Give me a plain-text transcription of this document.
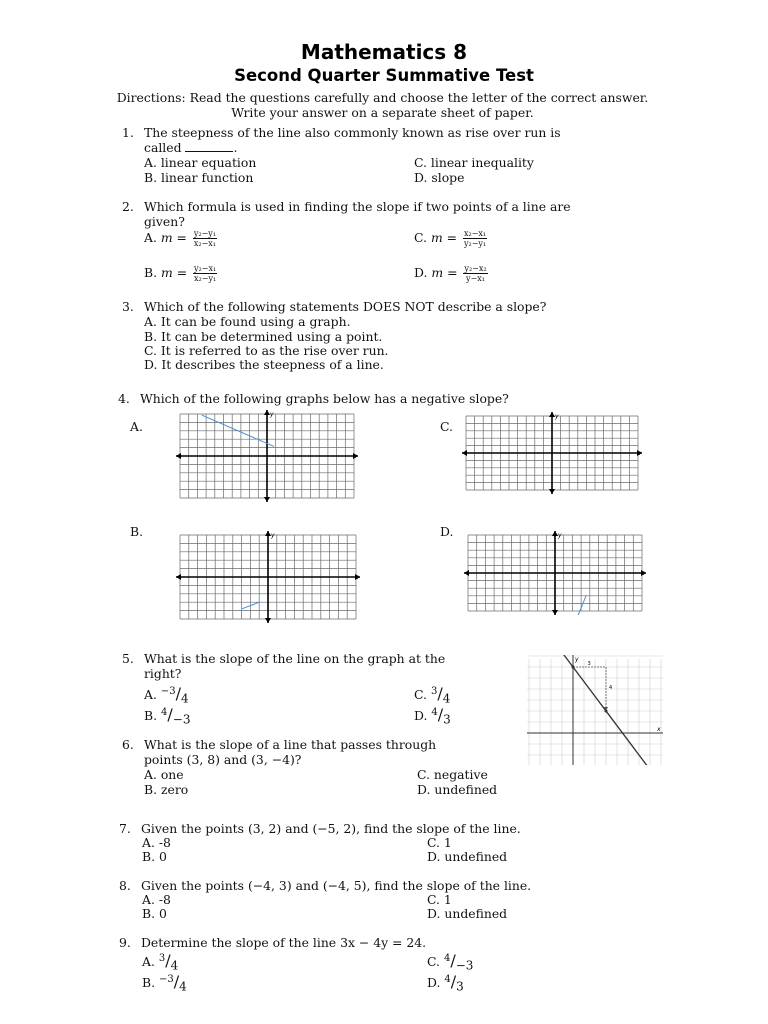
Mathematics 8
Second Quarter Summative Test
Directions: Read the questions carefully and choose the letter of the correct answer. Write your answer on a separate sheet of paper.
1. The steepness of the line also commonly known as rise over run is
called	.
A. linear equation	C. linear inequality
B. linear function	D. slope
2. Which formula is used in finding the slope if two points of a line are
given?
A. $m = \frac{\text{y₂−y₁}}{\text{x₂−x₁}}$	C. $m = \frac{\text{x₂−x₁}}{\text{y₂−y₁}}$
B. $m = \frac{\text{y₂−x₁}}{\text{x₂−y₁}}$	D. $m = \frac{\text{y₂−x₂}}{\text{y−x₁}}$
3. Which of the following statements DOES NOT describe a slope?
A. It can be found using a graph.
B. It can be determined using a point.
C. It is referred to as the rise over run.
D. It describes the steepness of a line.
4. Which of the following graphs below has a negative slope?
A.	C.
B.	D.
x
y
x
y
x
y
x
y
5. What is the slope of the line on the graph at the
right?
A. $^{-3}/_4$	C. $^3/_4$
B. $^4/_{-3}$	D. $^4/_3$
x
y
3
4
6. What is the slope of a line that passes through
points (3, 8) and (3, −4)?
A. one	C. negative
B. zero	D. undefined
7. Given the points (3, 2) and (−5, 2), find the slope of the line.
A. -8	C. 1
B. 0	D. undefined
8. Given the points (−4, 3) and (−4, 5), find the slope of the line.
A. -8	C. 1
B. 0	D. undefined
9. Determine the slope of the line 3x − 4y = 24.
A. $^3/_4$	C. $^4/_{-3}$
B. $^{-3}/_4$	D. $^4/_3$
